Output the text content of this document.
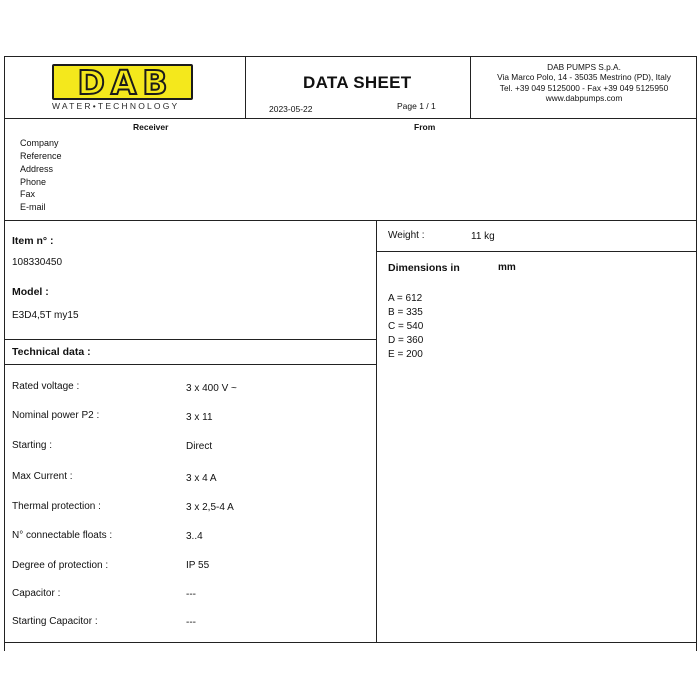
DAB
WATER•TECHNOLOGY
DATA SHEET
2023-05-22	Page 1 / 1
DAB PUMPS S.p.A.
Via Marco Polo, 14 - 35035 Mestrino (PD), Italy
Tel. +39 049 5125000 - Fax +39 049 5125950
www.dabpumps.com
Receiver	From
Company
Reference
Address
Phone
Fax
E-mail
Item n° :
108330450
Model :
E3D4,5T my15
Technical data :
Rated voltage :	3 x 400 V ~
Nominal power P2 :	3 x 11
Starting :	Direct
Max Current :	3 x 4 A
Thermal protection :	3 x 2,5-4 A
N° connectable floats :	3..4
Degree of protection :	IP 55
Capacitor :	---
Starting Capacitor :	---
Weight :	11 kg
Dimensions in	mm
A = 612
B = 335
C = 540
D = 360
E = 200
